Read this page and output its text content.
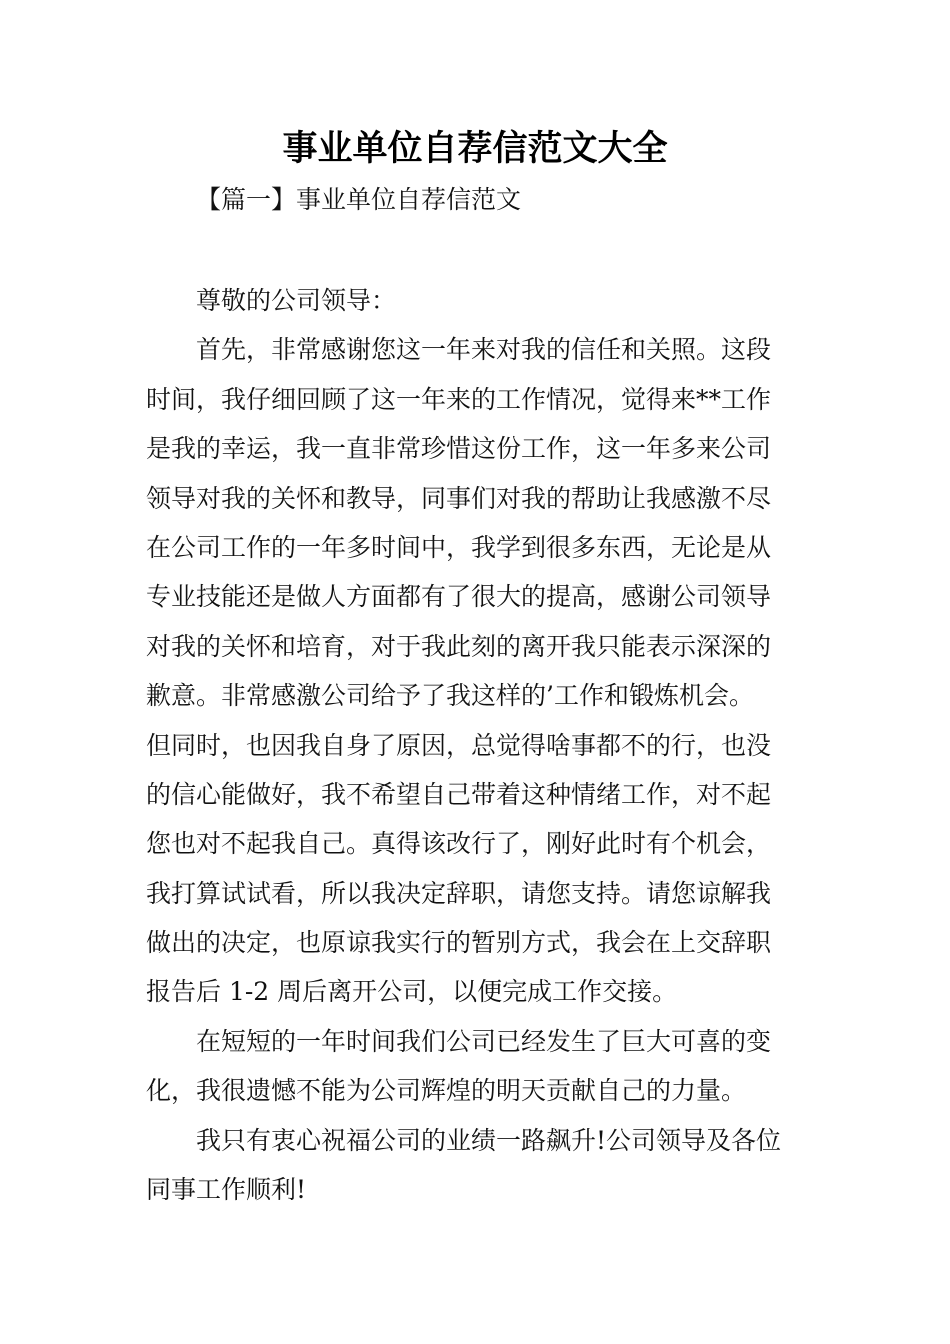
事业单位自荐信范文大全
【篇一】事业单位自荐信范文
尊敬的公司领导：
首先，非常感谢您这一年来对我的信任和关照。这段
时间，我仔细回顾了这一年来的工作情况，觉得来**工作
是我的幸运，我一直非常珍惜这份工作，这一年多来公司
领导对我的关怀和教导，同事们对我的帮助让我感激不尽
在公司工作的一年多时间中，我学到很多东西，无论是从
专业技能还是做人方面都有了很大的提高，感谢公司领导
对我的关怀和培育，对于我此刻的离开我只能表示深深的
歉意。非常感激公司给予了我这样的’工作和锻炼机会。
但同时，也因我自身了原因，总觉得啥事都不的行，也没
的信心能做好，我不希望自己带着这种情绪工作，对不起
您也对不起我自己。真得该改行了，刚好此时有个机会，
我打算试试看，所以我决定辞职，请您支持。请您谅解我
做出的决定，也原谅我实行的暂别方式，我会在上交辞职
报告后 1-2 周后离开公司，以便完成工作交接。
在短短的一年时间我们公司已经发生了巨大可喜的变
化，我很遗憾不能为公司辉煌的明天贡献自己的力量。
我只有衷心祝福公司的业绩一路飙升!公司领导及各位
同事工作顺利!
